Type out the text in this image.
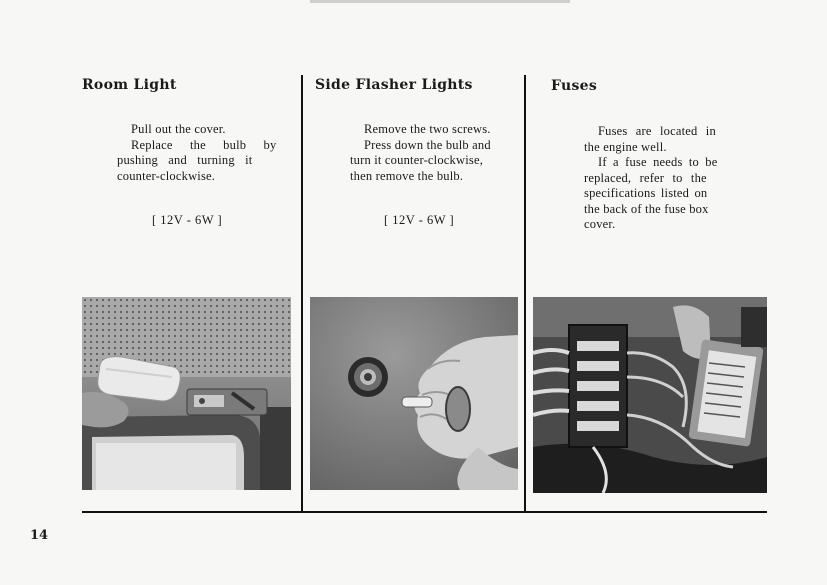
Room Light
Pull out the cover.
Replace the bulb by
pushing and turning it
counter-clockwise.
[ 12V - 6W ]
Side Flasher Lights
Remove the two screws.
Press down the bulb and
turn it counter-clockwise,
then remove the bulb.
[ 12V - 6W ]
Fuses
Fuses are located in
the engine well.
If a fuse needs to be
replaced, refer to the
specifications listed on
the back of the fuse box
cover.
14
